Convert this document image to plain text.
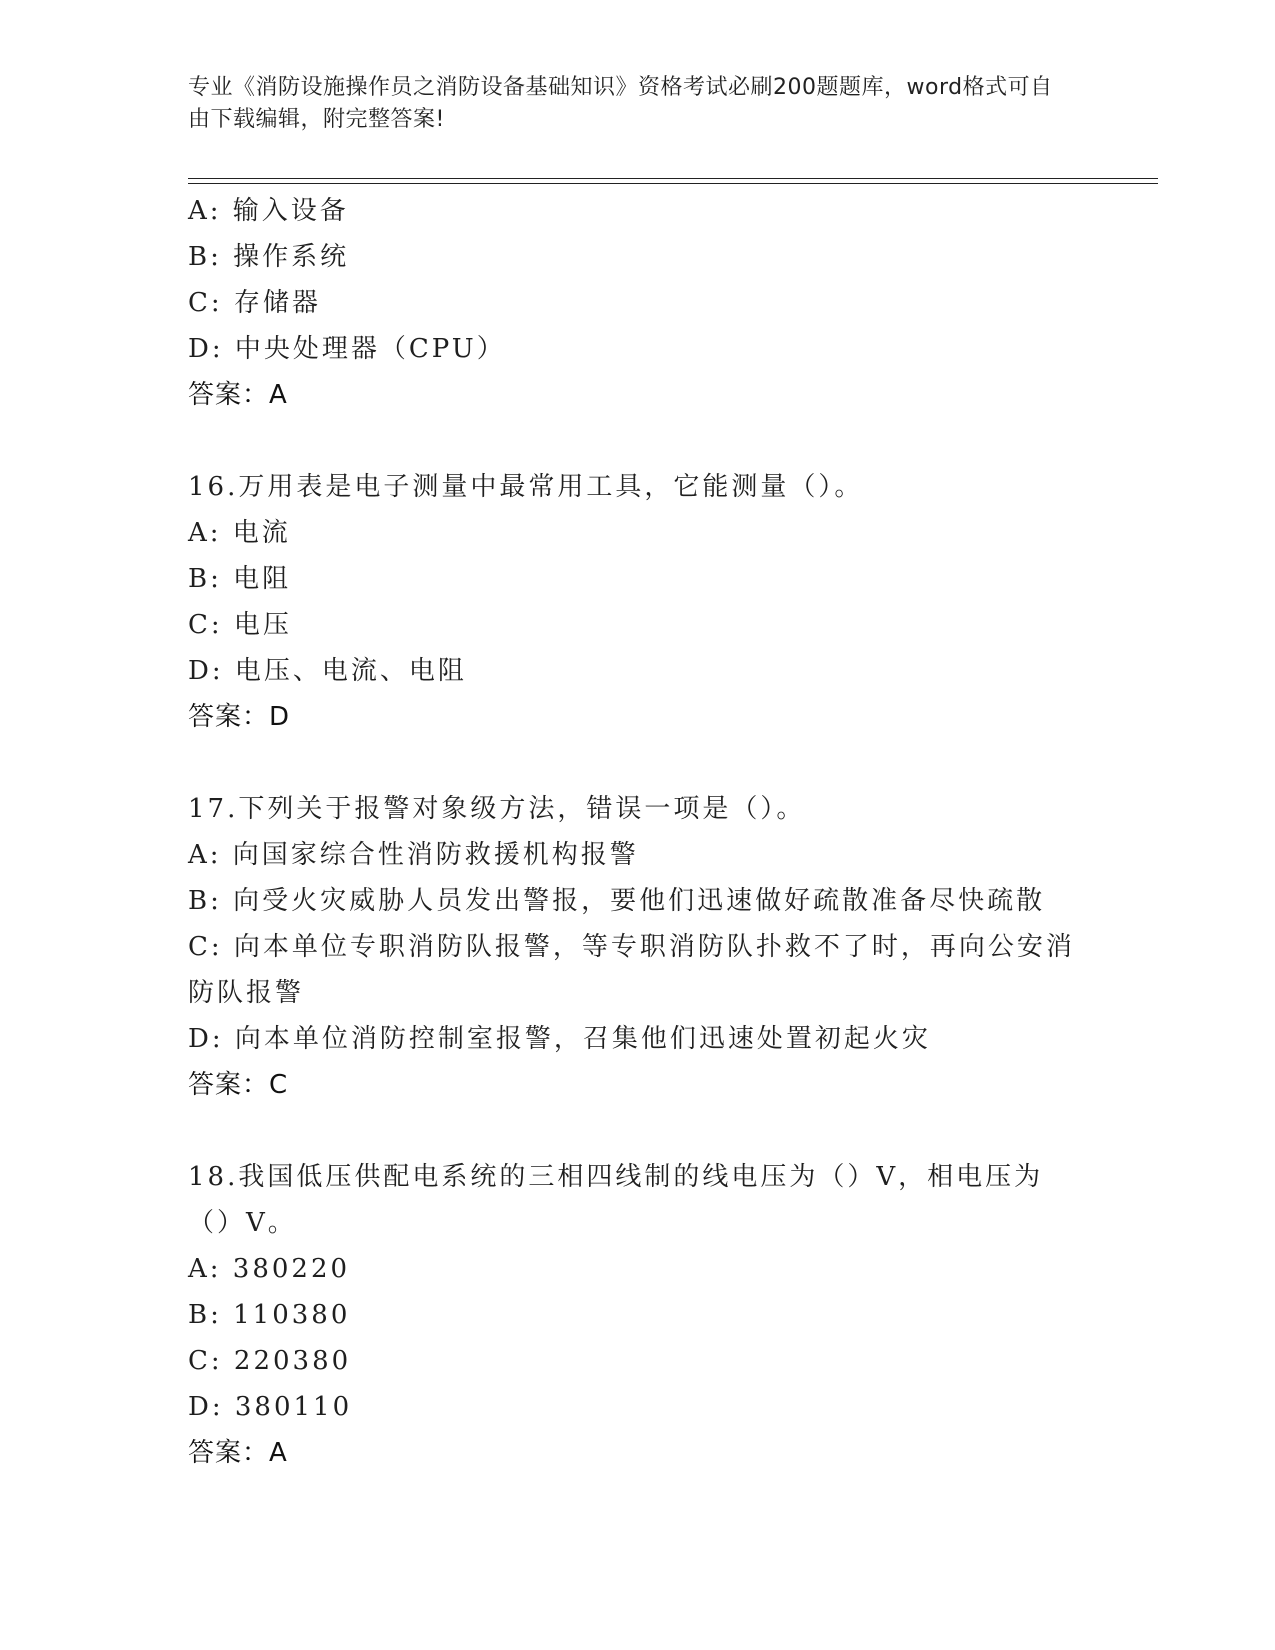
专业《消防设施操作员之消防设备基础知识》资格考试必刷200题题库，word格式可自由下载编辑，附完整答案!
A: 输入设备
B: 操作系统
C: 存储器
D: 中央处理器（CPU）
答案：A
16.万用表是电子测量中最常用工具，它能测量（）。
A: 电流
B: 电阻
C: 电压
D: 电压、电流、电阻
答案：D
17.下列关于报警对象级方法，错误一项是（）。
A: 向国家综合性消防救援机构报警
B: 向受火灾威胁人员发出警报，要他们迅速做好疏散准备尽快疏散
C: 向本单位专职消防队报警，等专职消防队扑救不了时，再向公安消防队报警
D: 向本单位消防控制室报警，召集他们迅速处置初起火灾
答案：C
18.我国低压供配电系统的三相四线制的线电压为（）V，相电压为（）V。
A: 380220
B: 110380
C: 220380
D: 380110
答案：A
